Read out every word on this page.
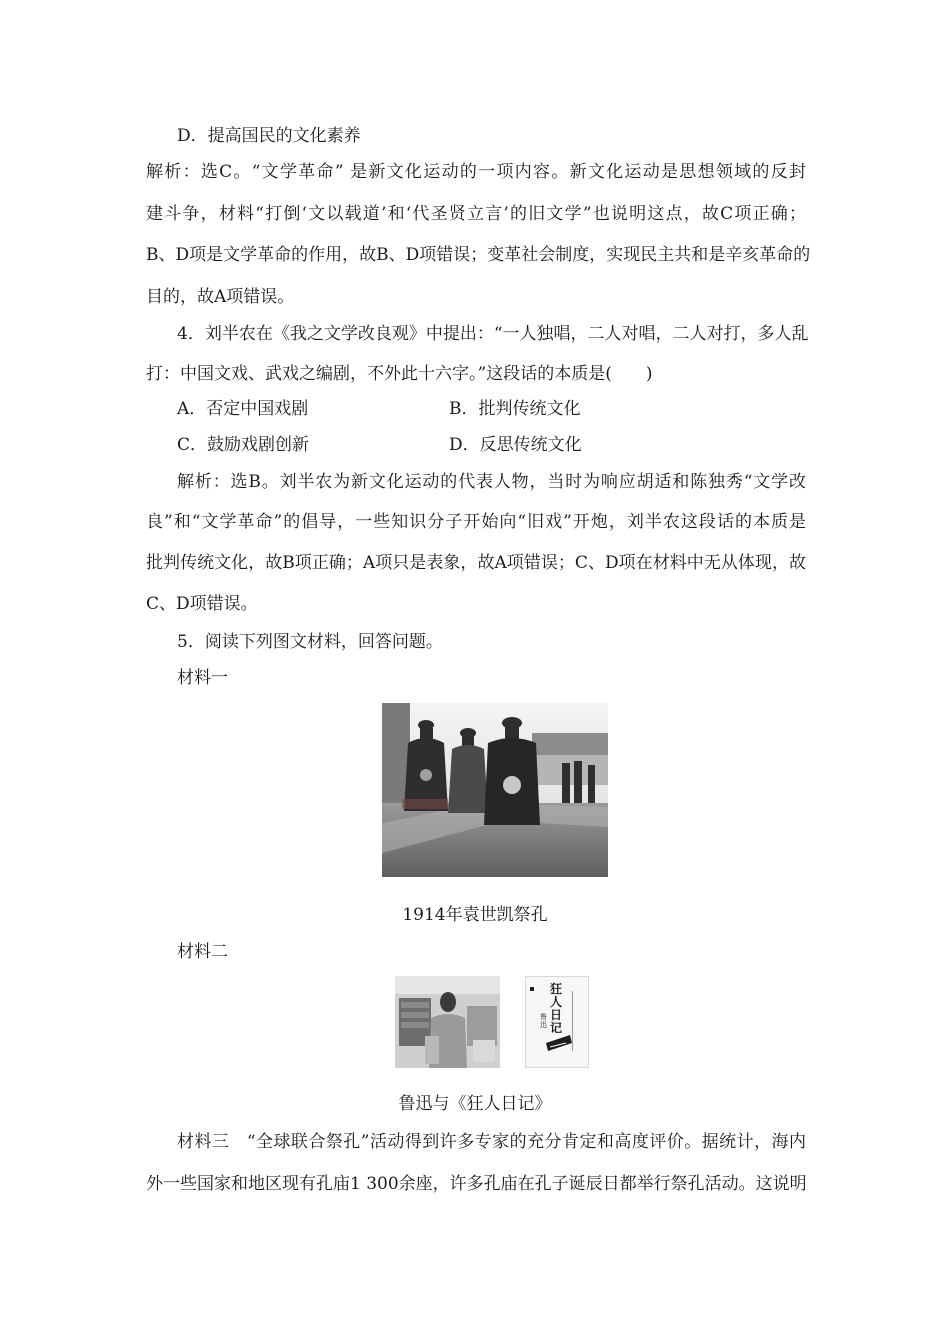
D．提高国民的文化素养
解析：选C。“文学革命” 是新文化运动的一项内容。新文化运动是思想领域的反封
建斗争，材料“打倒‘文以载道’和‘代圣贤立言’的旧文学”也说明这点，故C项正确；
B、D项是文学革命的作用，故B、D项错误；变革社会制度，实现民主共和是辛亥革命的
目的，故A项错误。
4．刘半农在《我之文学改良观》中提出：“一人独唱，二人对唱，二人对打，多人乱
打：中国文戏、武戏之编剧，不外此十六字。”这段话的本质是(　　)
A．否定中国戏剧	B．批判传统文化
C．鼓励戏剧创新	D．反思传统文化
解析：选B。刘半农为新文化运动的代表人物，当时为响应胡适和陈独秀“文学改
良”和“文学革命”的倡导，一些知识分子开始向“旧戏”开炮，刘半农这段话的本质是
批判传统文化，故B项正确；A项只是表象，故A项错误；C、D项在材料中无从体现，故
C、D项错误。
5．阅读下列图文材料，回答问题。
材料一
1914年袁世凯祭孔
材料二
狂人日记
鲁迅
鲁迅与《狂人日记》
材料三　“全球联合祭孔”活动得到许多专家的充分肯定和高度评价。据统计，海内
外一些国家和地区现有孔庙1 300余座，许多孔庙在孔子诞辰日都举行祭孔活动。这说明
